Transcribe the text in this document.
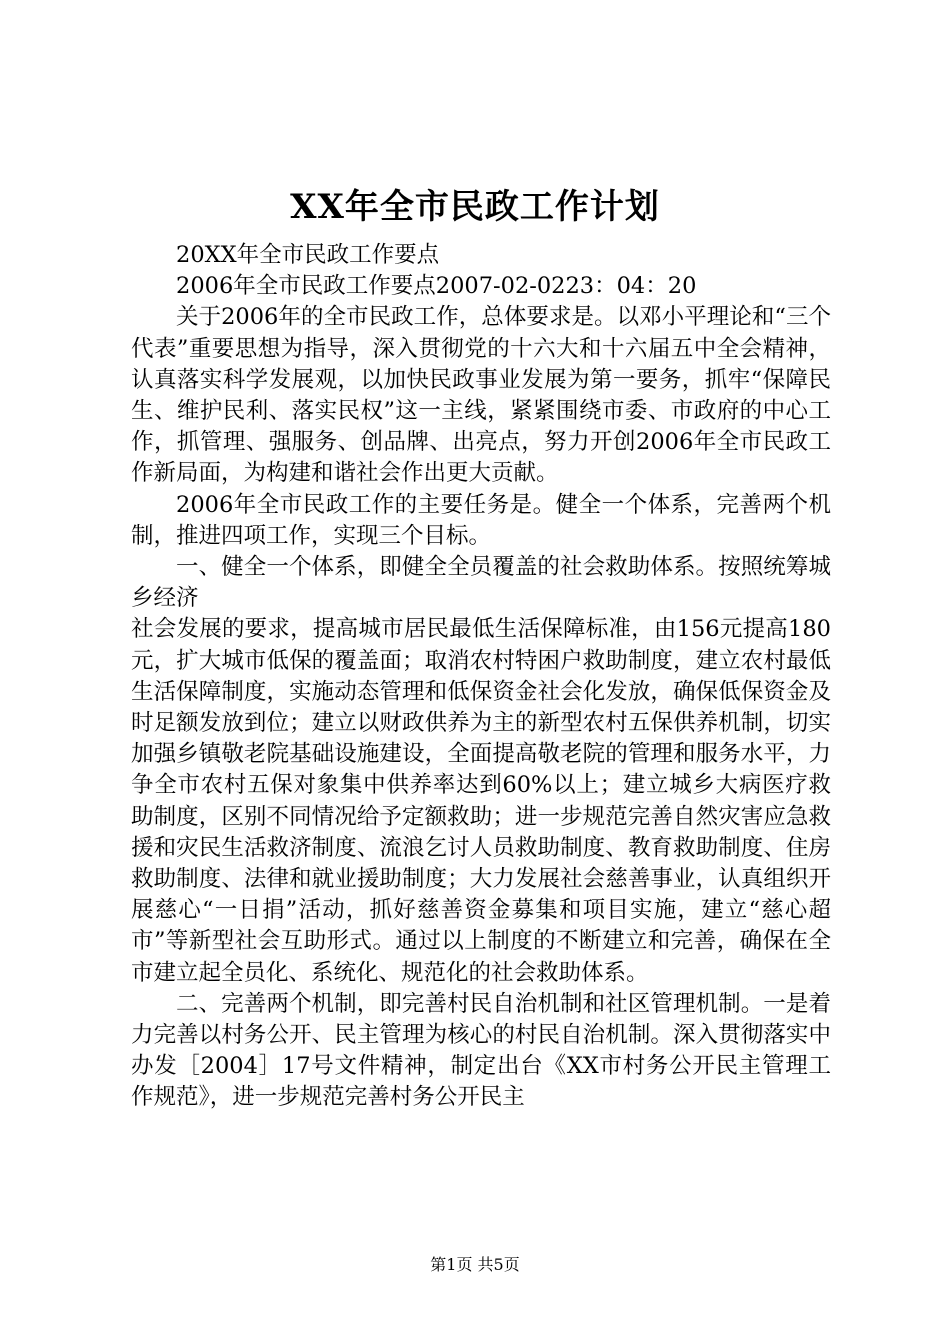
XX年全市民政工作计划

20XX年全市民政工作要点

2006年全市民政工作要点2007-02-0223：04：20

关于2006年的全市民政工作，总体要求是。以邓小平理论和“三个代表”重要思想为指导，深入贯彻党的十六大和十六届五中全会精神，认真落实科学发展观，以加快民政事业发展为第一要务，抓牢“保障民生、维护民利、落实民权”这一主线，紧紧围绕市委、市政府的中心工作，抓管理、强服务、创品牌、出亮点，努力开创2006年全市民政工作新局面，为构建和谐社会作出更大贡献。

2006年全市民政工作的主要任务是。健全一个体系，完善两个机制，推进四项工作，实现三个目标。

一、健全一个体系，即健全全员覆盖的社会救助体系。按照统筹城乡经济

社会发展的要求，提高城市居民最低生活保障标准，由156元提高180元，扩大城市低保的覆盖面；取消农村特困户救助制度，建立农村最低生活保障制度，实施动态管理和低保资金社会化发放，确保低保资金及时足额发放到位；建立以财政供养为主的新型农村五保供养机制，切实加强乡镇敬老院基础设施建设，全面提高敬老院的管理和服务水平，力争全市农村五保对象集中供养率达到60%以上；建立城乡大病医疗救助制度，区别不同情况给予定额救助；进一步规范完善自然灾害应急救援和灾民生活救济制度、流浪乞讨人员救助制度、教育救助制度、住房救助制度、法律和就业援助制度；大力发展社会慈善事业，认真组织开展慈心“一日捐”活动，抓好慈善资金募集和项目实施，建立“慈心超市”等新型社会互助形式。通过以上制度的不断建立和完善，确保在全市建立起全员化、系统化、规范化的社会救助体系。

二、完善两个机制，即完善村民自治机制和社区管理机制。一是着力完善以村务公开、民主管理为核心的村民自治机制。深入贯彻落实中办发［2004］17号文件精神，制定出台《XX市村务公开民主管理工作规范》，进一步规范完善村务公开民主

第1页 共5页
